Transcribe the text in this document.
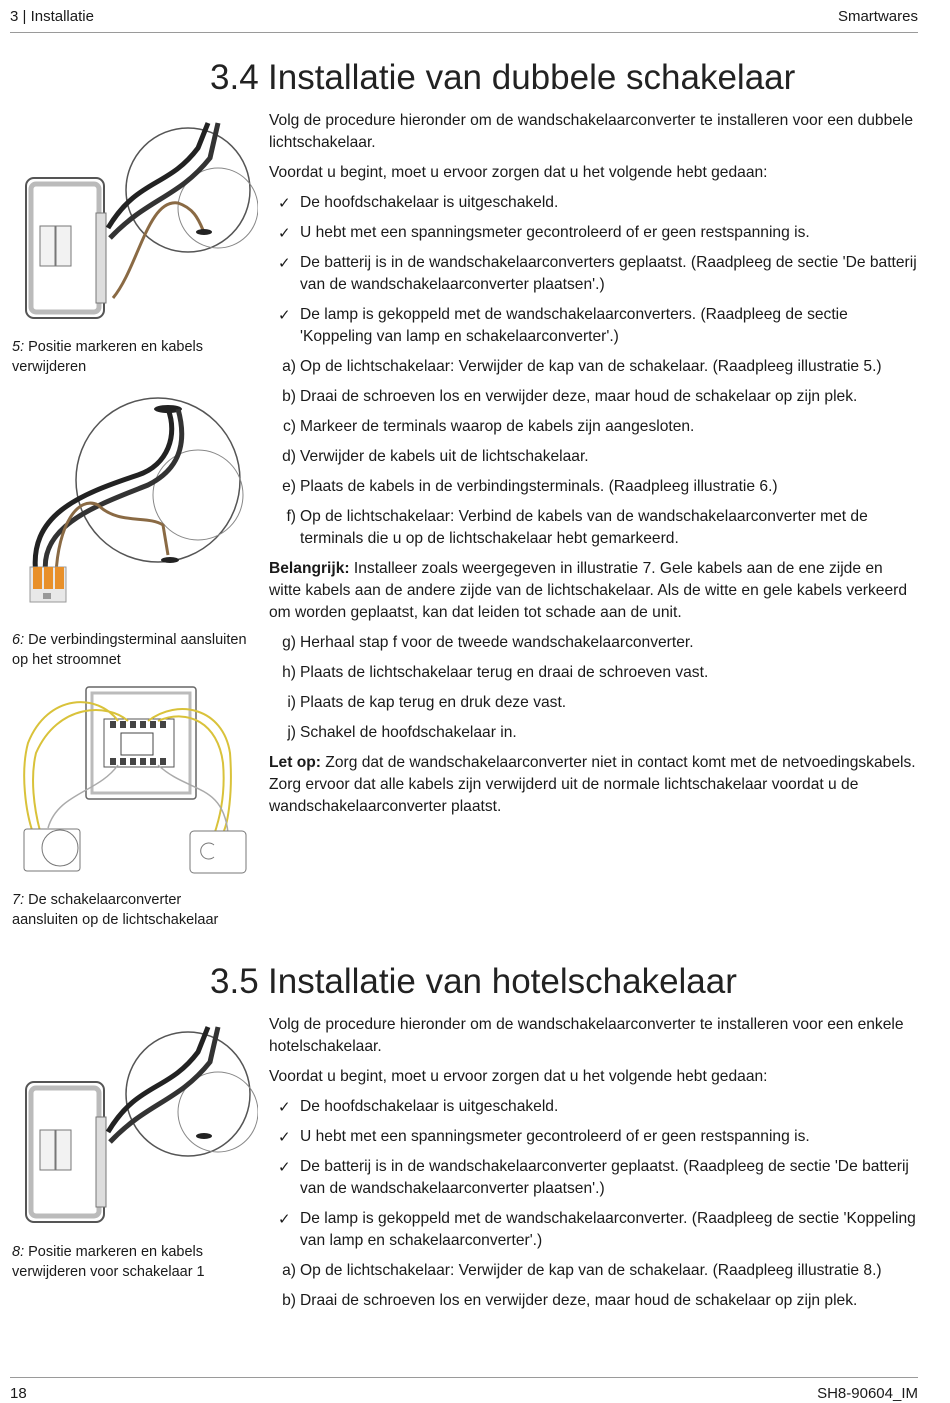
3 | Installatie	Smartwares
5: Positie markeren en kabels verwijderen
6: De verbindingsterminal aansluiten op het stroomnet
7: De schakelaarconverter aansluiten op de lichtschakelaar
8: Positie markeren en kabels verwijderen voor schakelaar 1
3.4 Installatie van dubbele schakelaar

Volg de procedure hieronder om de wandschakelaarconverter te installeren voor een dubbele lichtschakelaar.

Voordat u begint, moet u ervoor zorgen dat u het volgende hebt gedaan:

✓ De hoofdschakelaar is uitgeschakeld.
✓ U hebt met een spanningsmeter gecontroleerd of er geen restspanning is.
✓ De batterij is in de wandschakelaarconverters geplaatst. (Raadpleeg de sectie 'De batterij van de wandschakelaarconverter plaatsen'.)
✓ De lamp is gekoppeld met de wandschakelaarconverters. (Raadpleeg de sectie 'Koppeling van lamp en schakelaarconverter'.)
a) Op de lichtschakelaar: Verwijder de kap van de schakelaar. (Raadpleeg illustratie 5.)
b) Draai de schroeven los en verwijder deze, maar houd de schakelaar op zijn plek.
c) Markeer de terminals waarop de kabels zijn aangesloten.
d) Verwijder de kabels uit de lichtschakelaar.
e) Plaats de kabels in de verbindingsterminals. (Raadpleeg illustratie 6.)
f) Op de lichtschakelaar: Verbind de kabels van de wandschakelaarconverter met de terminals die u op de lichtschakelaar hebt gemarkeerd.

Belangrijk: Installeer zoals weergegeven in illustratie 7. Gele kabels aan de ene zijde en witte kabels aan de andere zijde van de lichtschakelaar. Als de witte en gele kabels verkeerd om worden geplaatst, kan dat leiden tot schade aan de unit.

g) Herhaal stap f voor de tweede wandschakelaarconverter.
h) Plaats de lichtschakelaar terug en draai de schroeven vast.
i) Plaats de kap terug en druk deze vast.
j) Schakel de hoofdschakelaar in.

Let op: Zorg dat de wandschakelaarconverter niet in contact komt met de netvoedingskabels. Zorg ervoor dat alle kabels zijn verwijderd uit de normale lichtschakelaar voordat u de wandschakelaarconverter plaatst.

3.5 Installatie van hotelschakelaar

Volg de procedure hieronder om de wandschakelaarconverter te installeren voor een enkele hotelschakelaar.

Voordat u begint, moet u ervoor zorgen dat u het volgende hebt gedaan:

✓ De hoofdschakelaar is uitgeschakeld.
✓ U hebt met een spanningsmeter gecontroleerd of er geen restspanning is.
✓ De batterij is in de wandschakelaarconverter geplaatst. (Raadpleeg de sectie 'De batterij van de wandschakelaarconverter plaatsen'.)
✓ De lamp is gekoppeld met de wandschakelaarconverter. (Raadpleeg de sectie 'Koppeling van lamp en schakelaarconverter'.)
a) Op de lichtschakelaar: Verwijder de kap van de schakelaar. (Raadpleeg illustratie 8.)
b) Draai de schroeven los en verwijder deze, maar houd de schakelaar op zijn plek.
18	SH8-90604_IM
